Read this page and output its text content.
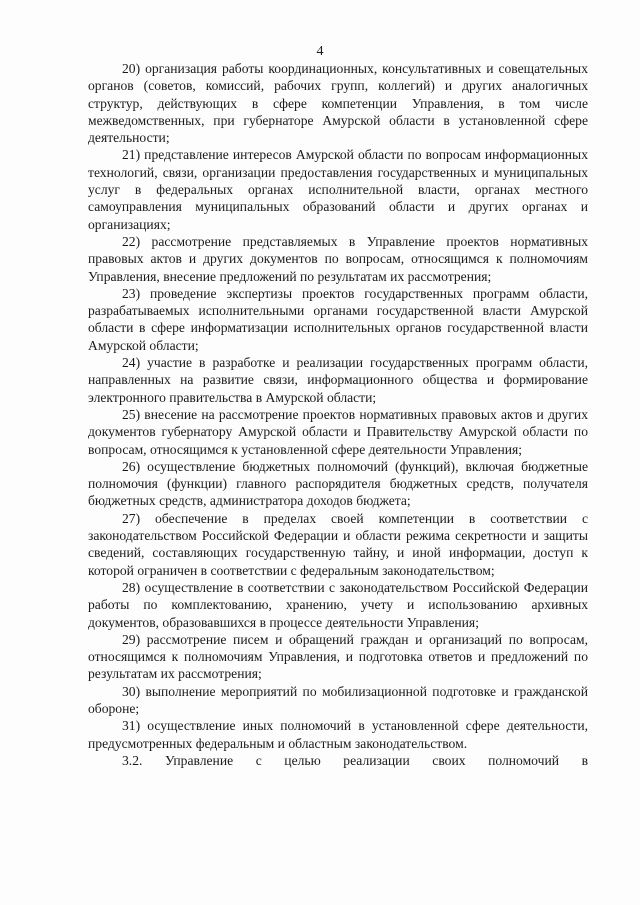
4

20) организация работы координационных, консультативных и совещательных органов (советов, комиссий, рабочих групп, коллегий) и других аналогичных структур, действующих в сфере компетенции Управления, в том числе межведомственных, при губернаторе Амурской области в установленной сфере деятельности;

21) представление интересов Амурской области по вопросам информационных технологий, связи, организации предоставления государственных и муниципальных услуг в федеральных органах исполнительной власти, органах местного самоуправления муниципальных образований области и других органах и организациях;

22) рассмотрение представляемых в Управление проектов нормативных правовых актов и других документов по вопросам, относящимся к полномочиям Управления, внесение предложений по результатам их рассмотрения;

23) проведение экспертизы проектов государственных программ области, разрабатываемых исполнительными органами государственной власти Амурской области в сфере информатизации исполнительных органов государственной власти Амурской области;

24) участие в разработке и реализации государственных программ области, направленных на развитие связи, информационного общества и формирование электронного правительства в Амурской области;

25) внесение на рассмотрение проектов нормативных правовых актов и других документов губернатору Амурской области и Правительству Амурской области по вопросам, относящимся к установленной сфере деятельности Управления;

26) осуществление бюджетных полномочий (функций), включая бюджетные полномочия (функции) главного распорядителя бюджетных средств, получателя бюджетных средств, администратора доходов бюджета;

27) обеспечение в пределах своей компетенции в соответствии с законодательством Российской Федерации и области режима секретности и защиты сведений, составляющих государственную тайну, и иной информации, доступ к которой ограничен в соответствии с федеральным законодательством;

28) осуществление в соответствии с законодательством Российской Федерации работы по комплектованию, хранению, учету и использованию архивных документов, образовавшихся в процессе деятельности Управления;

29) рассмотрение писем и обращений граждан и организаций по вопросам, относящимся к полномочиям Управления, и подготовка ответов и предложений по результатам их рассмотрения;

30) выполнение мероприятий по мобилизационной подготовке и гражданской обороне;

31) осуществление иных полномочий в установленной сфере деятельности, предусмотренных федеральным и областным законодательством.

3.2. Управление с целью реализации своих полномочий в
